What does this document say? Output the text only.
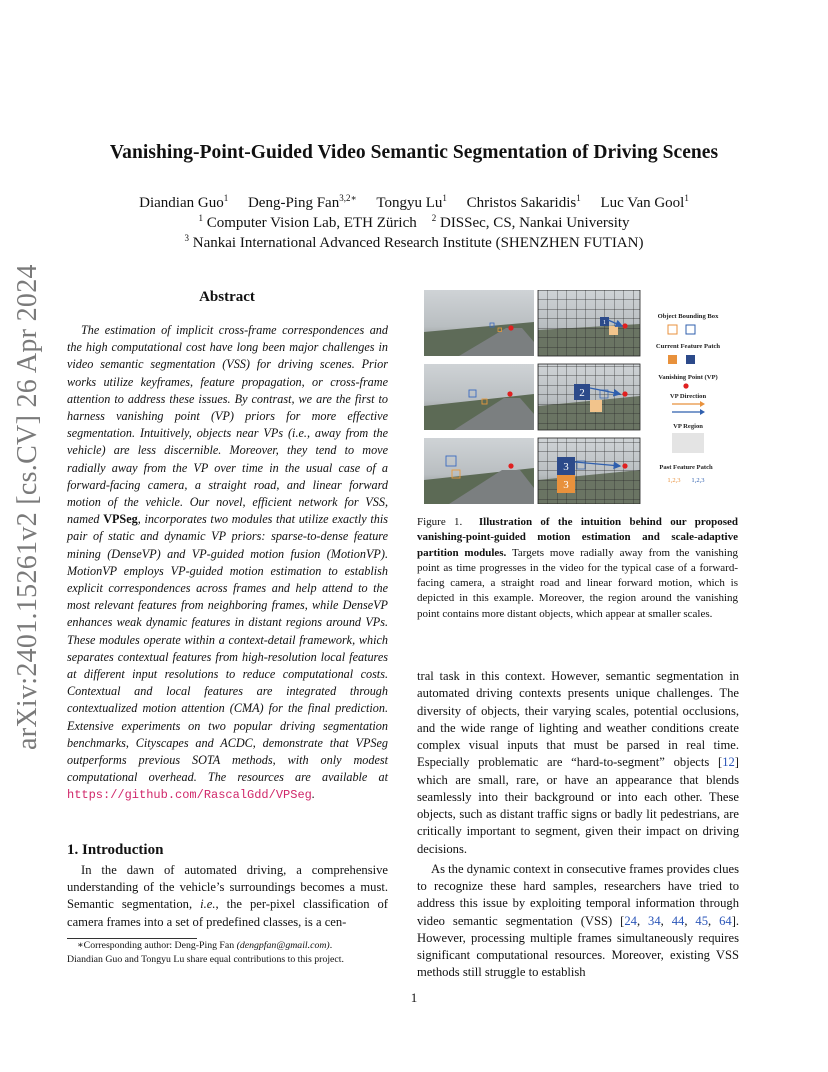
Vanishing-Point-Guided Video Semantic Segmentation of Driving Scenes
Diandian Guo$^1$ Deng-Ping Fan$^{3,2∗}$ Tongyu Lu$^1$ Christos Sakaridis$^1$ Luc Van Gool$^1$
$^1$ Computer Vision Lab, ETH Zürich $^2$ DISSec, CS, Nankai University
$^3$ Nankai International Advanced Research Institute (SHENZHEN FUTIAN)
arXiv:2401.15261v2 [cs.CV] 26 Apr 2024	Abstract

The estimation of implicit cross-frame correspondences and the high computational cost have long been major challenges in video semantic segmentation (VSS) for driving scenes. Prior works utilize keyframes, feature propagation, or cross-frame attention to address these issues. By contrast, we are the first to harness vanishing point (VP) priors for more effective segmentation. Intuitively, objects near VPs (i.e., away from the vehicle) are less discernible. Moreover, they tend to move radially away from the VP over time in the usual case of a forward-facing camera, a straight road, and linear forward motion of the vehicle. Our novel, efficient network for VSS, named VPSeg, incorporates two modules that utilize exactly this pair of static and dynamic VP priors: sparse-to-dense feature mining (DenseVP) and VP-guided motion fusion (MotionVP). MotionVP employs VP-guided motion estimation to establish explicit correspondences across frames and help attend to the most relevant features from neighboring frames, while DenseVP enhances weak dynamic features in distant regions around VPs. These modules operate within a context-detail framework, which separates contextual features from high-resolution local features at different input resolutions to reduce computational costs. Contextual and local features are integrated through contextualized motion attention (CMA) for the final prediction. Extensive experiments on two popular driving segmentation benchmarks, Cityscapes and ACDC, demonstrate that VPSeg outperforms previous SOTA methods, with only modest computational overhead. The resources are available at https://github.com/RascalGdd/VPSeg.

1. Introduction

In the dawn of automated driving, a comprehensive understanding of the vehicle’s surroundings becomes a must. Semantic segmentation, i.e., the per-pixel classification of camera frames into a set of predefined classes, is a cen-

∗Corresponding author: Deng-Ping Fan (dengpfan@gmail.com).

Diandian Guo and Tongyu Lu share equal contributions to this project.

1
2
3
3
Object Bounding Box
Current Feature Patch
Vanishing Point (VP)
VP Direction
VP Region
Past Feature Patch
1,2,3 1,2,3
Figure 1. Illustration of the intuition behind our proposed vanishing-point-guided motion estimation and scale-adaptive partition modules. Targets move radially away from the vanishing point as time progresses in the video for the typical case of a forward-facing camera, a straight road and linear forward motion, which is depicted in this example. Moreover, the region around the vanishing point contains more distant objects, which appear at smaller scales.

tral task in this context. However, semantic segmentation in automated driving contexts presents unique challenges. The diversity of objects, their varying scales, potential occlusions, and the wide range of lighting and weather conditions create complex visual inputs that must be parsed in real time. Especially problematic are “hard-to-segment” objects [12] which are small, rare, or have an appearance that blends seamlessly into their background or into each other. These objects, such as distant traffic signs or badly lit pedestrians, are critically important to segment, given their impact on driving decisions.

As the dynamic context in consecutive frames provides clues to recognize these hard samples, researchers have tried to address this issue by exploiting temporal information through video semantic segmentation (VSS) [24, 34, 44, 45, 64]. However, processing multiple frames simultaneously requires significant computational resources. Moreover, existing VSS methods still struggle to establish

1
